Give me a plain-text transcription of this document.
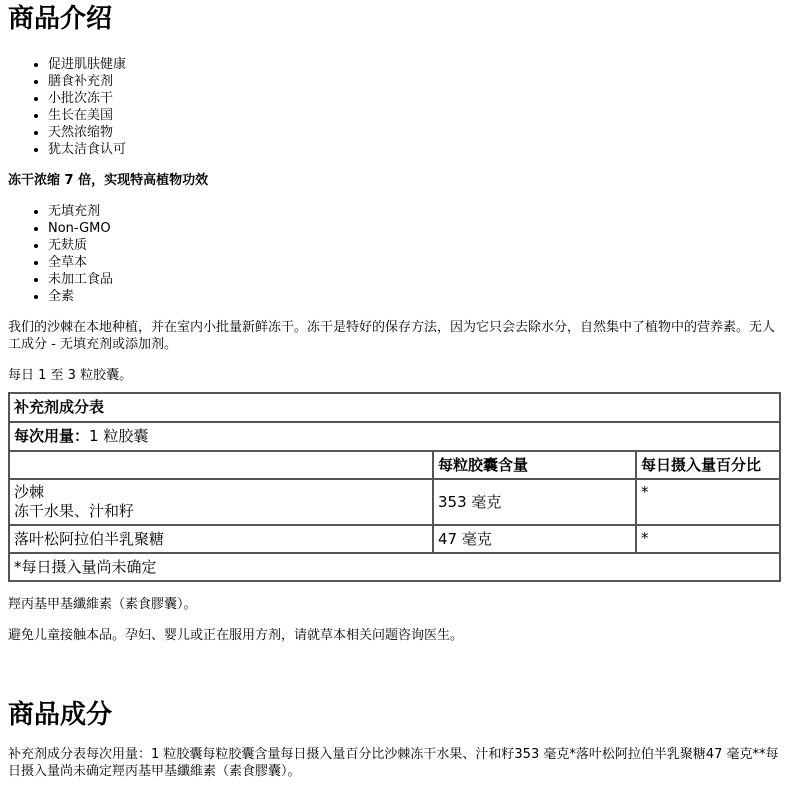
商品介绍
• 促进肌肤健康
• 膳食补充剂
• 小批次冻干
• 生长在美国
• 天然浓缩物
• 犹太洁食认可

冻干浓缩 7 倍，实现特高植物功效

• 无填充剂
• Non-GMO
• 无麸质
• 全草本
• 未加工食品
• 全素

我们的沙棘在本地种植，并在室内小批量新鲜冻干。冻干是特好的保存方法，因为它只会去除水分，自然集中了植物中的营养素。无人工成分 - 无填充剂或添加剂。

每日 1 至 3 粒胶囊。

补充剂成分表		
每次用量：1 粒胶囊		
	每粒胶囊含量	每日摄入量百分比

沙棘
冻干水果、汁和籽	353 毫克	*
落叶松阿拉伯半乳聚糖	47 毫克	*
*每日摄入量尚未确定		

羥丙基甲基纖維素（素食膠囊）。

避免儿童接触本品。孕妇、婴儿或正在服用方剂，请就草本相关问题咨询医生。

商品成分

补充剂成分表每次用量：1 粒胶囊每粒胶囊含量每日摄入量百分比沙棘冻干水果、汁和籽353 毫克*落叶松阿拉伯半乳聚糖47 毫克**每日摄入量尚未确定羥丙基甲基纖維素（素食膠囊）。
